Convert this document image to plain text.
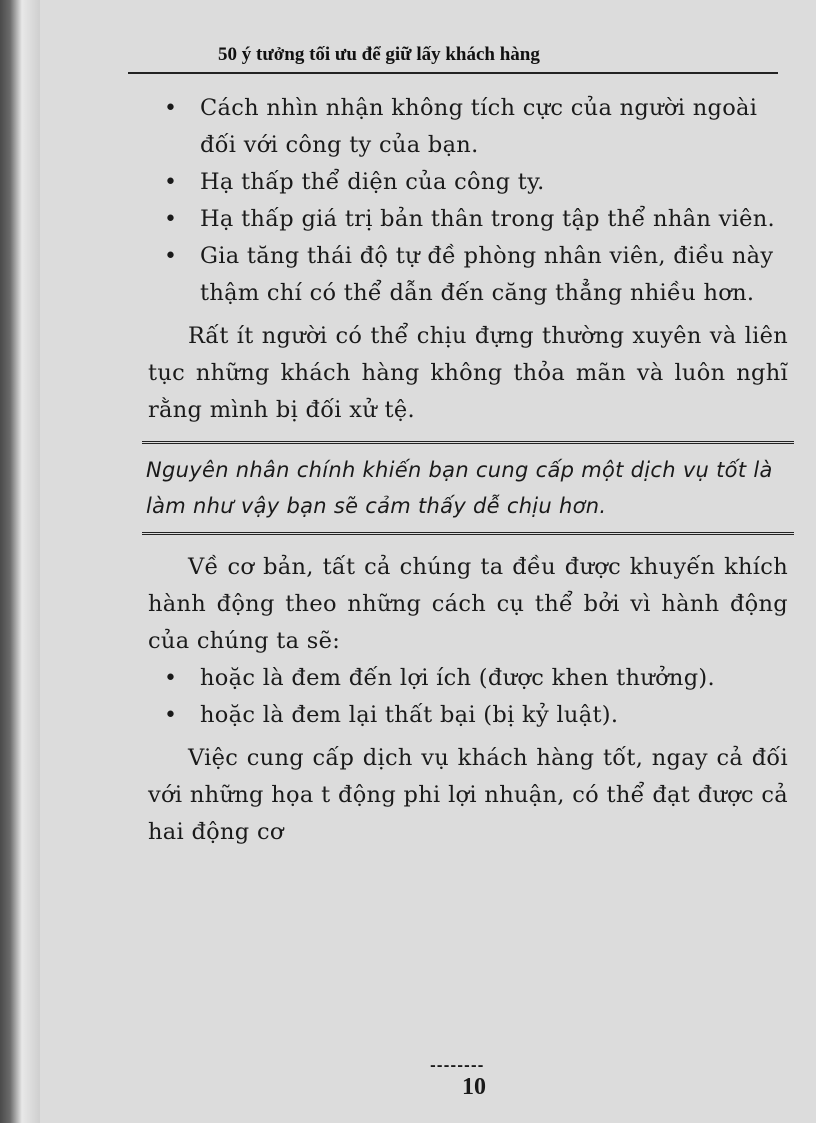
50 ý tưởng tối ưu để giữ lấy khách hàng
• Cách nhìn nhận không tích cực của người ngoài đối với công ty của bạn.
• Hạ thấp thể diện của công ty.
• Hạ thấp giá trị bản thân trong tập thể nhân viên.
• Gia tăng thái độ tự đề phòng nhân viên, điều này thậm chí có thể dẫn đến căng thẳng nhiều hơn.
Rất ít người có thể chịu đựng thường xuyên và liên tục những khách hàng không thỏa mãn và luôn nghĩ rằng mình bị đối xử tệ.
Nguyên nhân chính khiến bạn cung cấp một dịch vụ tốt là làm như vậy bạn sẽ cảm thấy dễ chịu hơn.
Về cơ bản, tất cả chúng ta đều được khuyến khích hành động theo những cách cụ thể bởi vì hành động của chúng ta sẽ:
• hoặc là đem đến lợi ích (được khen thưởng).
• hoặc là đem lại thất bại (bị kỷ luật).
Việc cung cấp dịch vụ khách hàng tốt, ngay cả đối với những họa t động phi lợi nhuận, có thể đạt được cả hai động cơ
--------
10
